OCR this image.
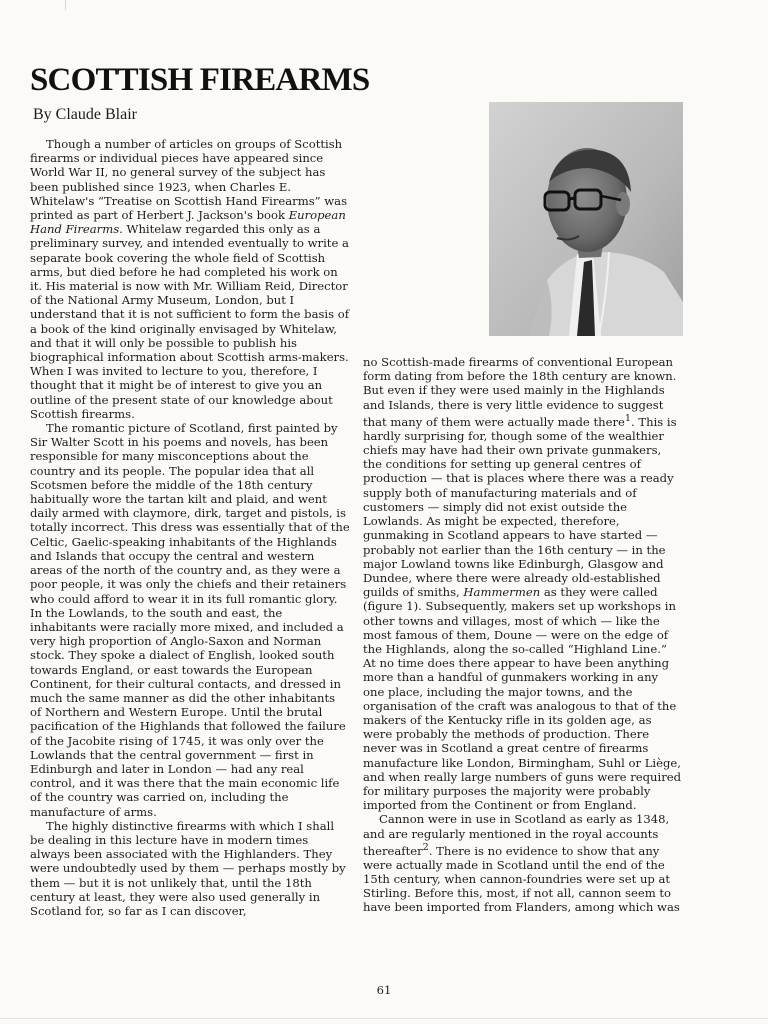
SCOTTISH FIREARMS
By Claude Blair

Though a number of articles on groups of Scottish firearms or individual pieces have appeared since World War II, no general survey of the subject has been published since 1923, when Charles E. Whitelaw's “Treatise on Scottish Hand Firearms” was printed as part of Herbert J. Jackson's book European Hand Firearms. Whitelaw regarded this only as a preliminary survey, and intended eventually to write a separate book covering the whole field of Scottish arms, but died before he had completed his work on it. His material is now with Mr. William Reid, Director of the National Army Museum, London, but I understand that it is not sufficient to form the basis of a book of the kind originally envisaged by Whitelaw, and that it will only be possible to publish his biographical information about Scottish arms-makers. When I was invited to lecture to you, therefore, I thought that it might be of interest to give you an outline of the present state of our knowledge about Scottish firearms.

The romantic picture of Scotland, first painted by Sir Walter Scott in his poems and novels, has been responsible for many misconceptions about the country and its people. The popular idea that all Scotsmen before the middle of the 18th century habitually wore the tartan kilt and plaid, and went daily armed with claymore, dirk, target and pistols, is totally incorrect. This dress was essentially that of the Celtic, Gaelic-speaking inhabitants of the Highlands and Islands that occupy the central and western areas of the north of the country and, as they were a poor people, it was only the chiefs and their retainers who could afford to wear it in its full romantic glory. In the Lowlands, to the south and east, the inhabitants were racially more mixed, and included a very high proportion of Anglo-Saxon and Norman stock. They spoke a dialect of English, looked south towards England, or east towards the European Continent, for their cultural contacts, and dressed in much the same manner as did the other inhabitants of Northern and Western Europe. Until the brutal pacification of the Highlands that followed the failure of the Jacobite rising of 1745, it was only over the Lowlands that the central government — first in Edinburgh and later in London — had any real control, and it was there that the main economic life of the country was carried on, including the manufacture of arms.

The highly distinctive firearms with which I shall be dealing in this lecture have in modern times always been associated with the Highlanders. They were undoubtedly used by them — perhaps mostly by them — but it is not unlikely that, until the 18th century at least, they were also used generally in Scotland for, so far as I can discover,

no Scottish-made firearms of conventional European form dating from before the 18th century are known. But even if they were used mainly in the Highlands and Islands, there is very little evidence to suggest that many of them were actually made there$^1$. This is hardly surprising for, though some of the wealthier chiefs may have had their own private gunmakers, the conditions for setting up general centres of production — that is places where there was a ready supply both of manufacturing materials and of customers — simply did not exist outside the Lowlands. As might be expected, therefore, gunmaking in Scotland appears to have started — probably not earlier than the 16th century — in the major Lowland towns like Edinburgh, Glasgow and Dundee, where there were already old-established guilds of smiths, Hammermen as they were called (figure 1). Subsequently, makers set up workshops in other towns and villages, most of which — like the most famous of them, Doune — were on the edge of the Highlands, along the so-called “Highland Line.” At no time does there appear to have been anything more than a handful of gunmakers working in any one place, including the major towns, and the organisation of the craft was analogous to that of the makers of the Kentucky rifle in its golden age, as were probably the methods of production. There never was in Scotland a great centre of firearms manufacture like London, Birmingham, Suhl or Liège, and when really large numbers of guns were required for military purposes the majority were probably imported from the Continent or from England.

Cannon were in use in Scotland as early as 1348, and are regularly mentioned in the royal accounts thereafter$^2$. There is no evidence to show that any were actually made in Scotland until the end of the 15th century, when cannon-foundries were set up at Stirling. Before this, most, if not all, cannon seem to have been imported from Flanders, among which was

61
